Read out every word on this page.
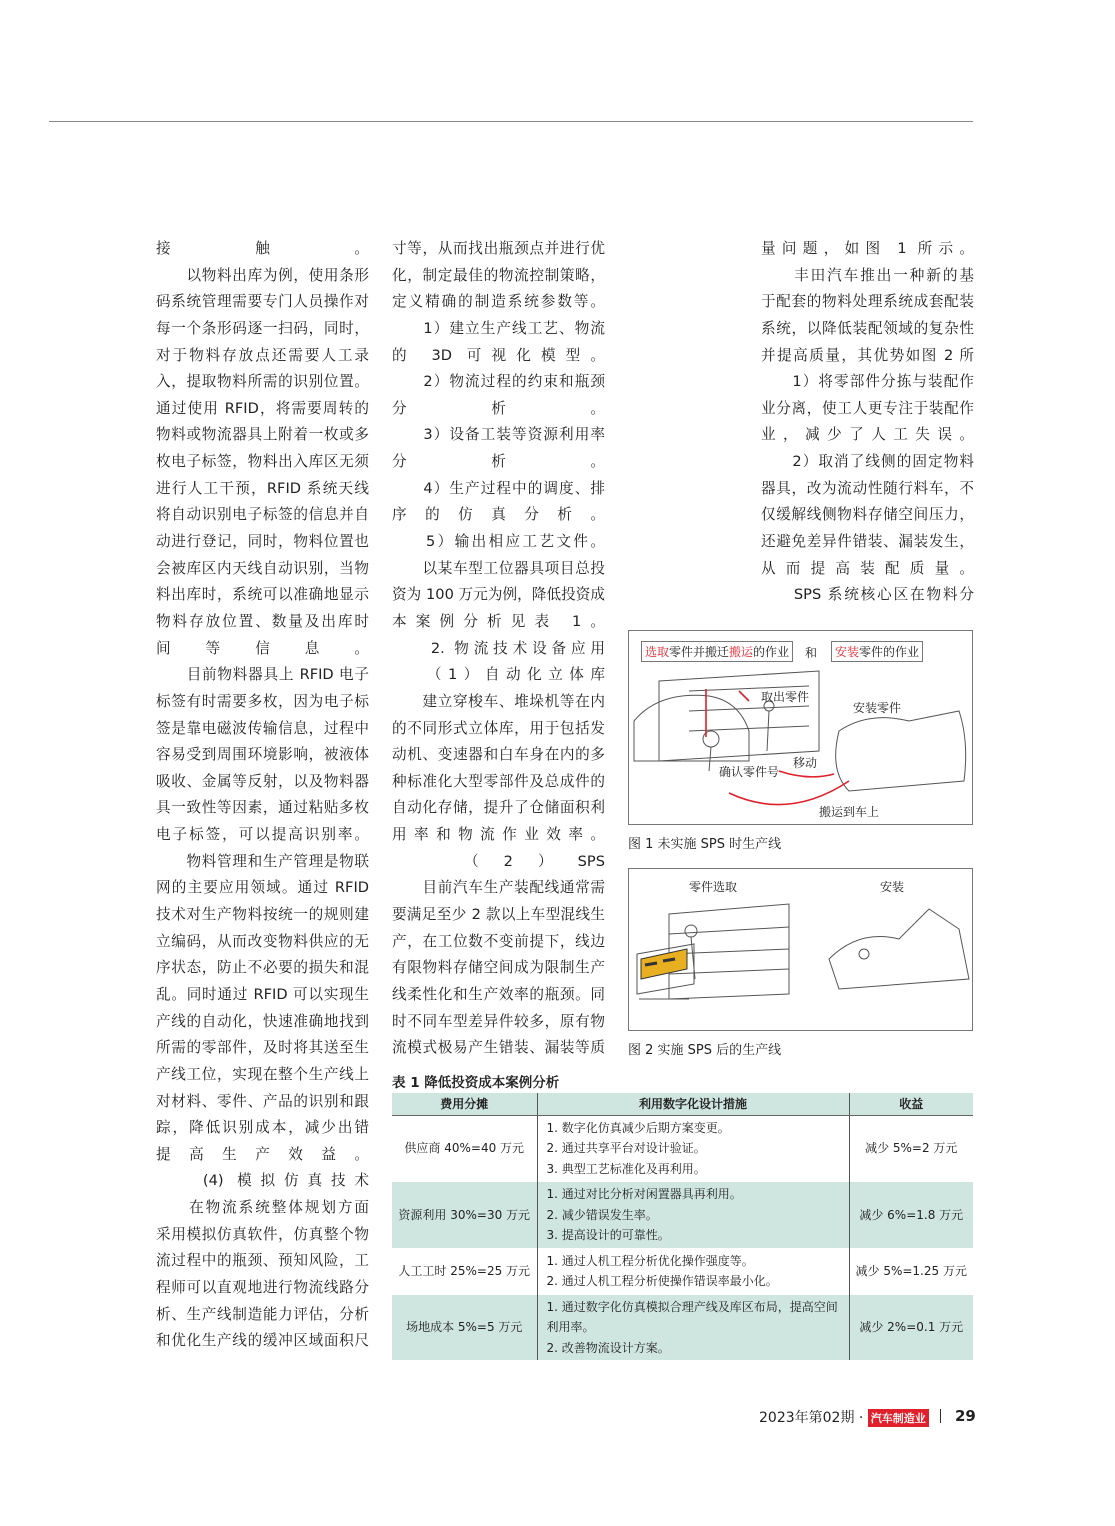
接触。
　　以物料出库为例，使用条形
码系统管理需要专门人员操作对
每一个条形码逐一扫码，同时，
对于物料存放点还需要人工录
入，提取物料所需的识别位置。
通过使用 RFID，将需要周转的
物料或物流器具上附着一枚或多
枚电子标签，物料出入库区无须
进行人工干预，RFID 系统天线
将自动识别电子标签的信息并自
动进行登记，同时，物料位置也
会被库区内天线自动识别，当物
料出库时，系统可以准确地显示
物料存放位置、数量及出库时
间等信息。
　　目前物料器具上 RFID 电子
标签有时需要多枚，因为电子标
签是靠电磁波传输信息，过程中
容易受到周围环境影响，被液体
吸收、金属等反射，以及物料器
具一致性等因素，通过粘贴多枚
电子标签，可以提高识别率。
　　物料管理和生产管理是物联
网的主要应用领域。通过 RFID
技术对生产物料按统一的规则建
立编码，从而改变物料供应的无
序状态，防止不必要的损失和混
乱。同时通过 RFID 可以实现生
产线的自动化，快速准确地找到
所需的零部件，及时将其送至生
产线工位，实现在整个生产线上
对材料、零件、产品的识别和跟
踪，降低识别成本，减少出错
提高生产效益。
　　(4) 模拟仿真技术
　　在物流系统整体规划方面
采用模拟仿真软件，仿真整个物
流过程中的瓶颈、预知风险，工
程师可以直观地进行物流线路分
析、生产线制造能力评估，分析
和优化生产线的缓冲区域面积尺
寸等，从而找出瓶颈点并进行优
化，制定最佳的物流控制策略，
定义精确的制造系统参数等。
　　1）建立生产线工艺、物流
的 3D 可视化模型。
　　2）物流过程的约束和瓶颈
分析。
　　3）设备工装等资源利用率
分析。
　　4）生产过程中的调度、排
序的仿真分析。
　　5）输出相应工艺文件。
　　以某车型工位器具项目总投
资为 100 万元为例，降低投资成
本案例分析见表 1。
　　2. 物流技术设备应用
　　（1）自动化立体库
　　建立穿梭车、堆垛机等在内
的不同形式立体库，用于包括发
动机、变速器和白车身在内的多
种标准化大型零部件及总成件的
自动化存储，提升了仓储面积利
用率和物流作业效率。
　　（2）SPS
　　目前汽车生产装配线通常需
要满足至少 2 款以上车型混线生
产，在工位数不变前提下，线边
有限物料存储空间成为限制生产
线柔性化和生产效率的瓶颈。同
时不同车型差异件较多，原有物
流模式极易产生错装、漏装等质
量问题，如图 1 所示。
　　丰田汽车推出一种新的基
于配套的物料处理系统成套配装
系统，以降低装配领域的复杂性
并提高质量，其优势如图 2 所
　　1）将零部件分拣与装配作
业分离，使工人更专注于装配作
业，减少了人工失误。
　　2）取消了线侧的固定物料
器具，改为流动性随行料车，不
仅缓解线侧物料存储空间压力，
还避免差异件错装、漏装发生，
从而提高装配质量。
　　SPS 系统核心区在物料分
选取零件并搬迁搬运的作业	和	安装零件的作业
取出零件
安装零件
确认零件号
移动
搬运到车上
图 1 未实施 SPS 时生产线
零件选取	安装
图 2 实施 SPS 后的生产线
表 1 降低投资成本案例分析
费用分摊	利用数字化设计措施	收益
供应商 40%=40 万元	1. 数字化仿真减少后期方案变更。
2. 通过共享平台对设计验证。
3. 典型工艺标准化及再利用。	减少 5%=2 万元
资源利用 30%=30 万元	1. 通过对比分析对闲置器具再利用。
2. 减少错误发生率。
3. 提高设计的可靠性。	减少 6%=1.8 万元
人工工时 25%=25 万元	1. 通过人机工程分析优化操作强度等。
2. 通过人机工程分析使操作错误率最小化。	减少 5%=1.25 万元
场地成本 5%=5 万元	1. 通过数字化仿真模拟合理产线及库区布局，提高空间利用率。
2. 改善物流设计方案。	减少 2%=0.1 万元
2023年第02期 · 汽车制造业 29
